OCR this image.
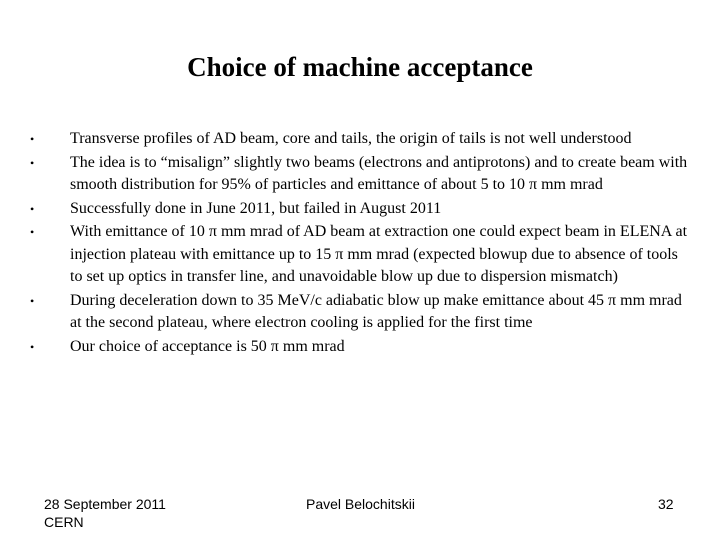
Choice of machine acceptance
• Transverse profiles of AD beam, core and tails, the origin of tails is not well understood
• The idea is to “misalign” slightly two beams (electrons and antiprotons) and to create beam with smooth distribution for 95% of particles and emittance of about 5 to 10 π mm mrad
• Successfully done in June 2011, but failed in August 2011
• With emittance of 10 π mm mrad of AD beam at extraction one could expect beam in ELENA at injection plateau with emittance up to 15 π mm mrad (expected blowup due to absence of tools to set up optics in transfer line, and unavoidable blow up due to dispersion mismatch)
• During deceleration down to 35 MeV/c adiabatic blow up make emittance about 45 π mm mrad at the second plateau, where electron cooling is applied for the first time
• Our choice of acceptance is 50 π mm mrad
28 September 2011
CERN
Pavel Belochitskii	32
